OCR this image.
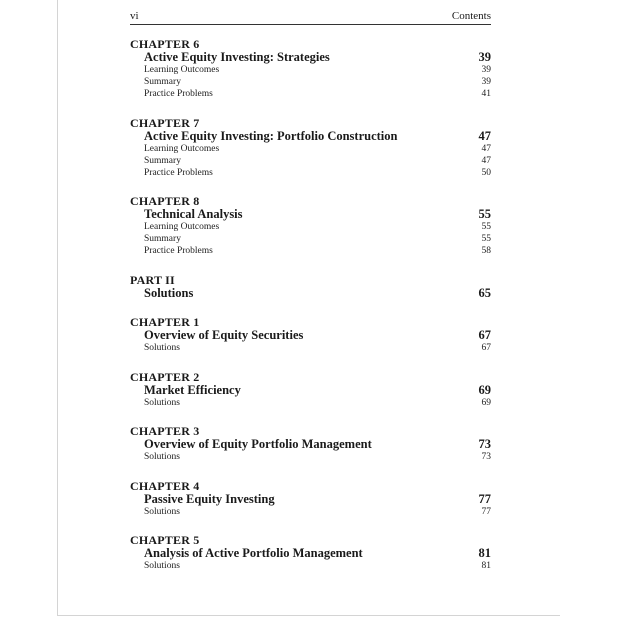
vi	Contents
CHAPTER 6
Active Equity Investing: Strategies	39
Learning Outcomes	39
Summary	39
Practice Problems	41
CHAPTER 7
Active Equity Investing: Portfolio Construction	47
Learning Outcomes	47
Summary	47
Practice Problems	50
CHAPTER 8
Technical Analysis	55
Learning Outcomes	55
Summary	55
Practice Problems	58
PART II
Solutions	65
CHAPTER 1
Overview of Equity Securities	67
Solutions	67
CHAPTER 2
Market Efficiency	69
Solutions	69
CHAPTER 3
Overview of Equity Portfolio Management	73
Solutions	73
CHAPTER 4
Passive Equity Investing	77
Solutions	77
CHAPTER 5
Analysis of Active Portfolio Management	81
Solutions	81
